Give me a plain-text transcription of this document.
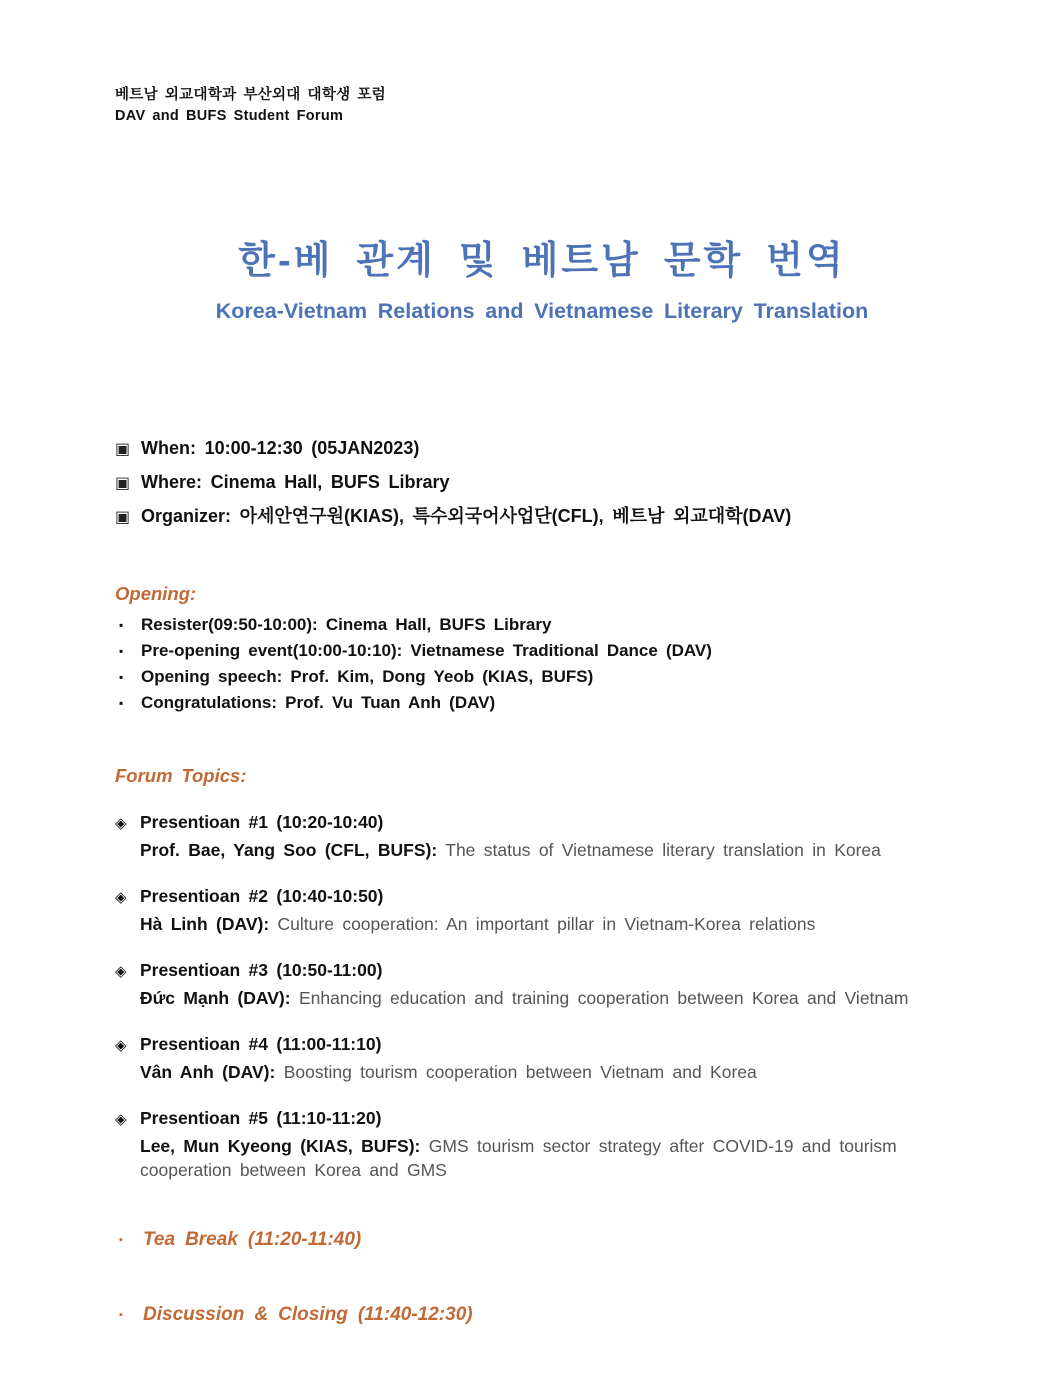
베트남 외교대학과 부산외대 대학생 포럼
DAV and BUFS Student Forum
한-베 관계 및 베트남 문학 번역
Korea-Vietnam Relations and Vietnamese Literary Translation
▣ When: 10:00-12:30 (05JAN2023)
▣ Where: Cinema Hall, BUFS Library
▣ Organizer: 아세안연구원(KIAS), 특수외국어사업단(CFL), 베트남 외교대학(DAV)
Opening:
▪ Resister(09:50-10:00): Cinema Hall, BUFS Library
▪ Pre-opening event(10:00-10:10): Vietnamese Traditional Dance (DAV)
▪ Opening speech: Prof. Kim, Dong Yeob (KIAS, BUFS)
▪ Congratulations: Prof. Vu Tuan Anh (DAV)
Forum Topics:
◈ Presentioan #1 (10:20-10:40)
Prof. Bae, Yang Soo (CFL, BUFS): The status of Vietnamese literary translation in Korea
◈ Presentioan #2 (10:40-10:50)
Hà Linh (DAV): Culture cooperation: An important pillar in Vietnam-Korea relations
◈ Presentioan #3 (10:50-11:00)
Đức Mạnh (DAV): Enhancing education and training cooperation between Korea and Vietnam
◈ Presentioan #4 (11:00-11:10)
Vân Anh (DAV): Boosting tourism cooperation between Vietnam and Korea
◈ Presentioan #5 (11:10-11:20)
Lee, Mun Kyeong (KIAS, BUFS): GMS tourism sector strategy after COVID-19 and tourism cooperation between Korea and GMS
▪ Tea Break (11:20-11:40)
▪ Discussion & Closing (11:40-12:30)
